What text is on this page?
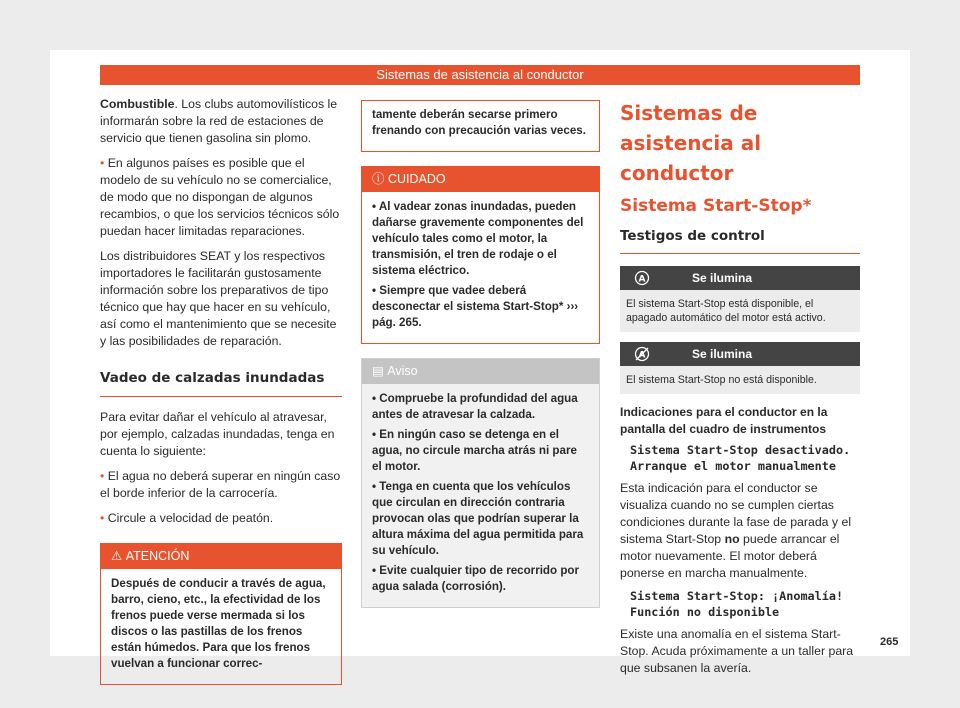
Sistemas de asistencia al conductor

Combustible. Los clubs automovilísticos le informarán sobre la red de estaciones de servicio que tienen gasolina sin plomo.

• En algunos países es posible que el modelo de su vehículo no se comercialice, de modo que no dispongan de algunos recambios, o que los servicios técnicos sólo puedan hacer limitadas reparaciones.

Los distribuidores SEAT y los respectivos importadores le facilitarán gustosamente información sobre los preparativos de tipo técnico que hay que hacer en su vehículo, así como el mantenimiento que se necesite y las posibilidades de reparación.

Vadeo de calzadas inundadas

Para evitar dañar el vehículo al atravesar, por ejemplo, calzadas inundadas, tenga en cuenta lo siguiente:

• El agua no deberá superar en ningún caso el borde inferior de la carrocería.

• Circule a velocidad de peatón.

⚠ ATENCIÓN

Después de conducir a través de agua, barro, cieno, etc., la efectividad de los frenos puede verse mermada si los discos o las pastillas de los frenos están húmedos. Para que los frenos vuelvan a funcionar correc-

tamente deberán secarse primero frenando con precaución varias veces.

ⓘ CUIDADO

• Al vadear zonas inundadas, pueden dañarse gravemente componentes del vehículo tales como el motor, la transmisión, el tren de rodaje o el sistema eléctrico.

• Siempre que vadee deberá desconectar el sistema Start-Stop* ››› pág. 265.

▤ Aviso

• Compruebe la profundidad del agua antes de atravesar la calzada.

• En ningún caso se detenga en el agua, no circule marcha atrás ni pare el motor.

• Tenga en cuenta que los vehículos que circulan en dirección contraria provocan olas que podrían superar la altura máxima del agua permitida para su vehículo.

• Evite cualquier tipo de recorrido por agua salada (corrosión).

Sistemas de asistencia al conductor
Sistema Start-Stop*
Testigos de control
A	Se ilumina
El sistema Start-Stop está disponible, el apagado automático del motor está activo.
A	Se ilumina
El sistema Start-Stop no está disponible.
Indicaciones para el conductor en la pantalla del cuadro de instrumentos
Sistema Start-Stop desactivado.
Arranque el motor manualmente

Esta indicación para el conductor se visualiza cuando no se cumplen ciertas condiciones durante la fase de parada y el sistema Start-Stop no puede arrancar el motor nuevamente. El motor deberá ponerse en marcha manualmente.

Sistema Start-Stop: ¡Anomalía!
Función no disponible

Existe una anomalía en el sistema Start-Stop. Acuda próximamente a un taller para que subsanen la avería.

265
